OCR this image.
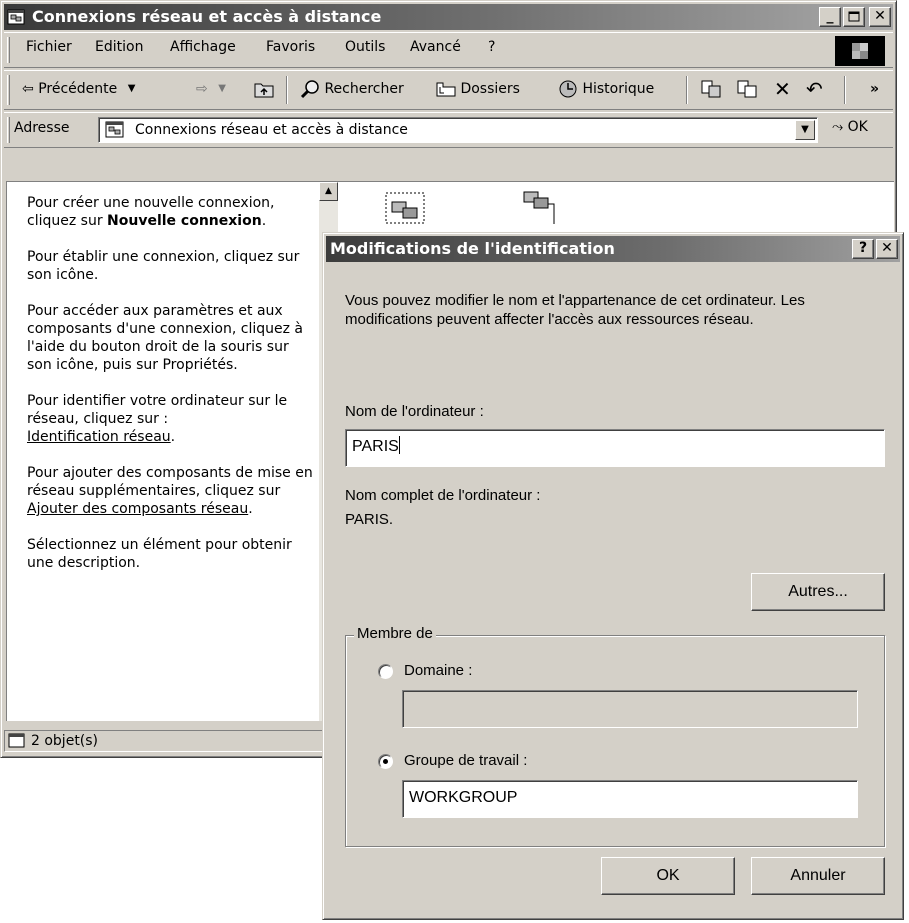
Connexions réseau et accès à distance	_	✕
Fichier Edition Affichage Favoris Outils Avancé ?
⇦ Précédente ▼	⇨ ▼	Rechercher	Dossiers	Historique	✕ ↶	»
Adresse	Connexions réseau et accès à distance	▼	⤳ OK

Pour créer une nouvelle connexion, cliquez sur Nouvelle connexion.

Pour établir une connexion, cliquez sur son icône.

Pour accéder aux paramètres et aux composants d'une connexion, cliquez à l'aide du bouton droit de la souris sur son icône, puis sur Propriétés.

Pour identifier votre ordinateur sur le réseau, cliquez sur :
Identification réseau.

Pour ajouter des composants de mise en réseau supplémentaires, cliquez sur Ajouter des composants réseau.

Sélectionnez un élément pour obtenir une description.

▲
2 objet(s)
Modifications de l'identification	?	✕
Vous pouvez modifier le nom et l'appartenance de cet ordinateur. Les modifications peuvent affecter l'accès aux ressources réseau.
Nom de l'ordinateur :
PARIS
Nom complet de l'ordinateur :
PARIS.
Autres...
Membre de
Domaine :
Groupe de travail :
WORKGROUP
OK	Annuler
